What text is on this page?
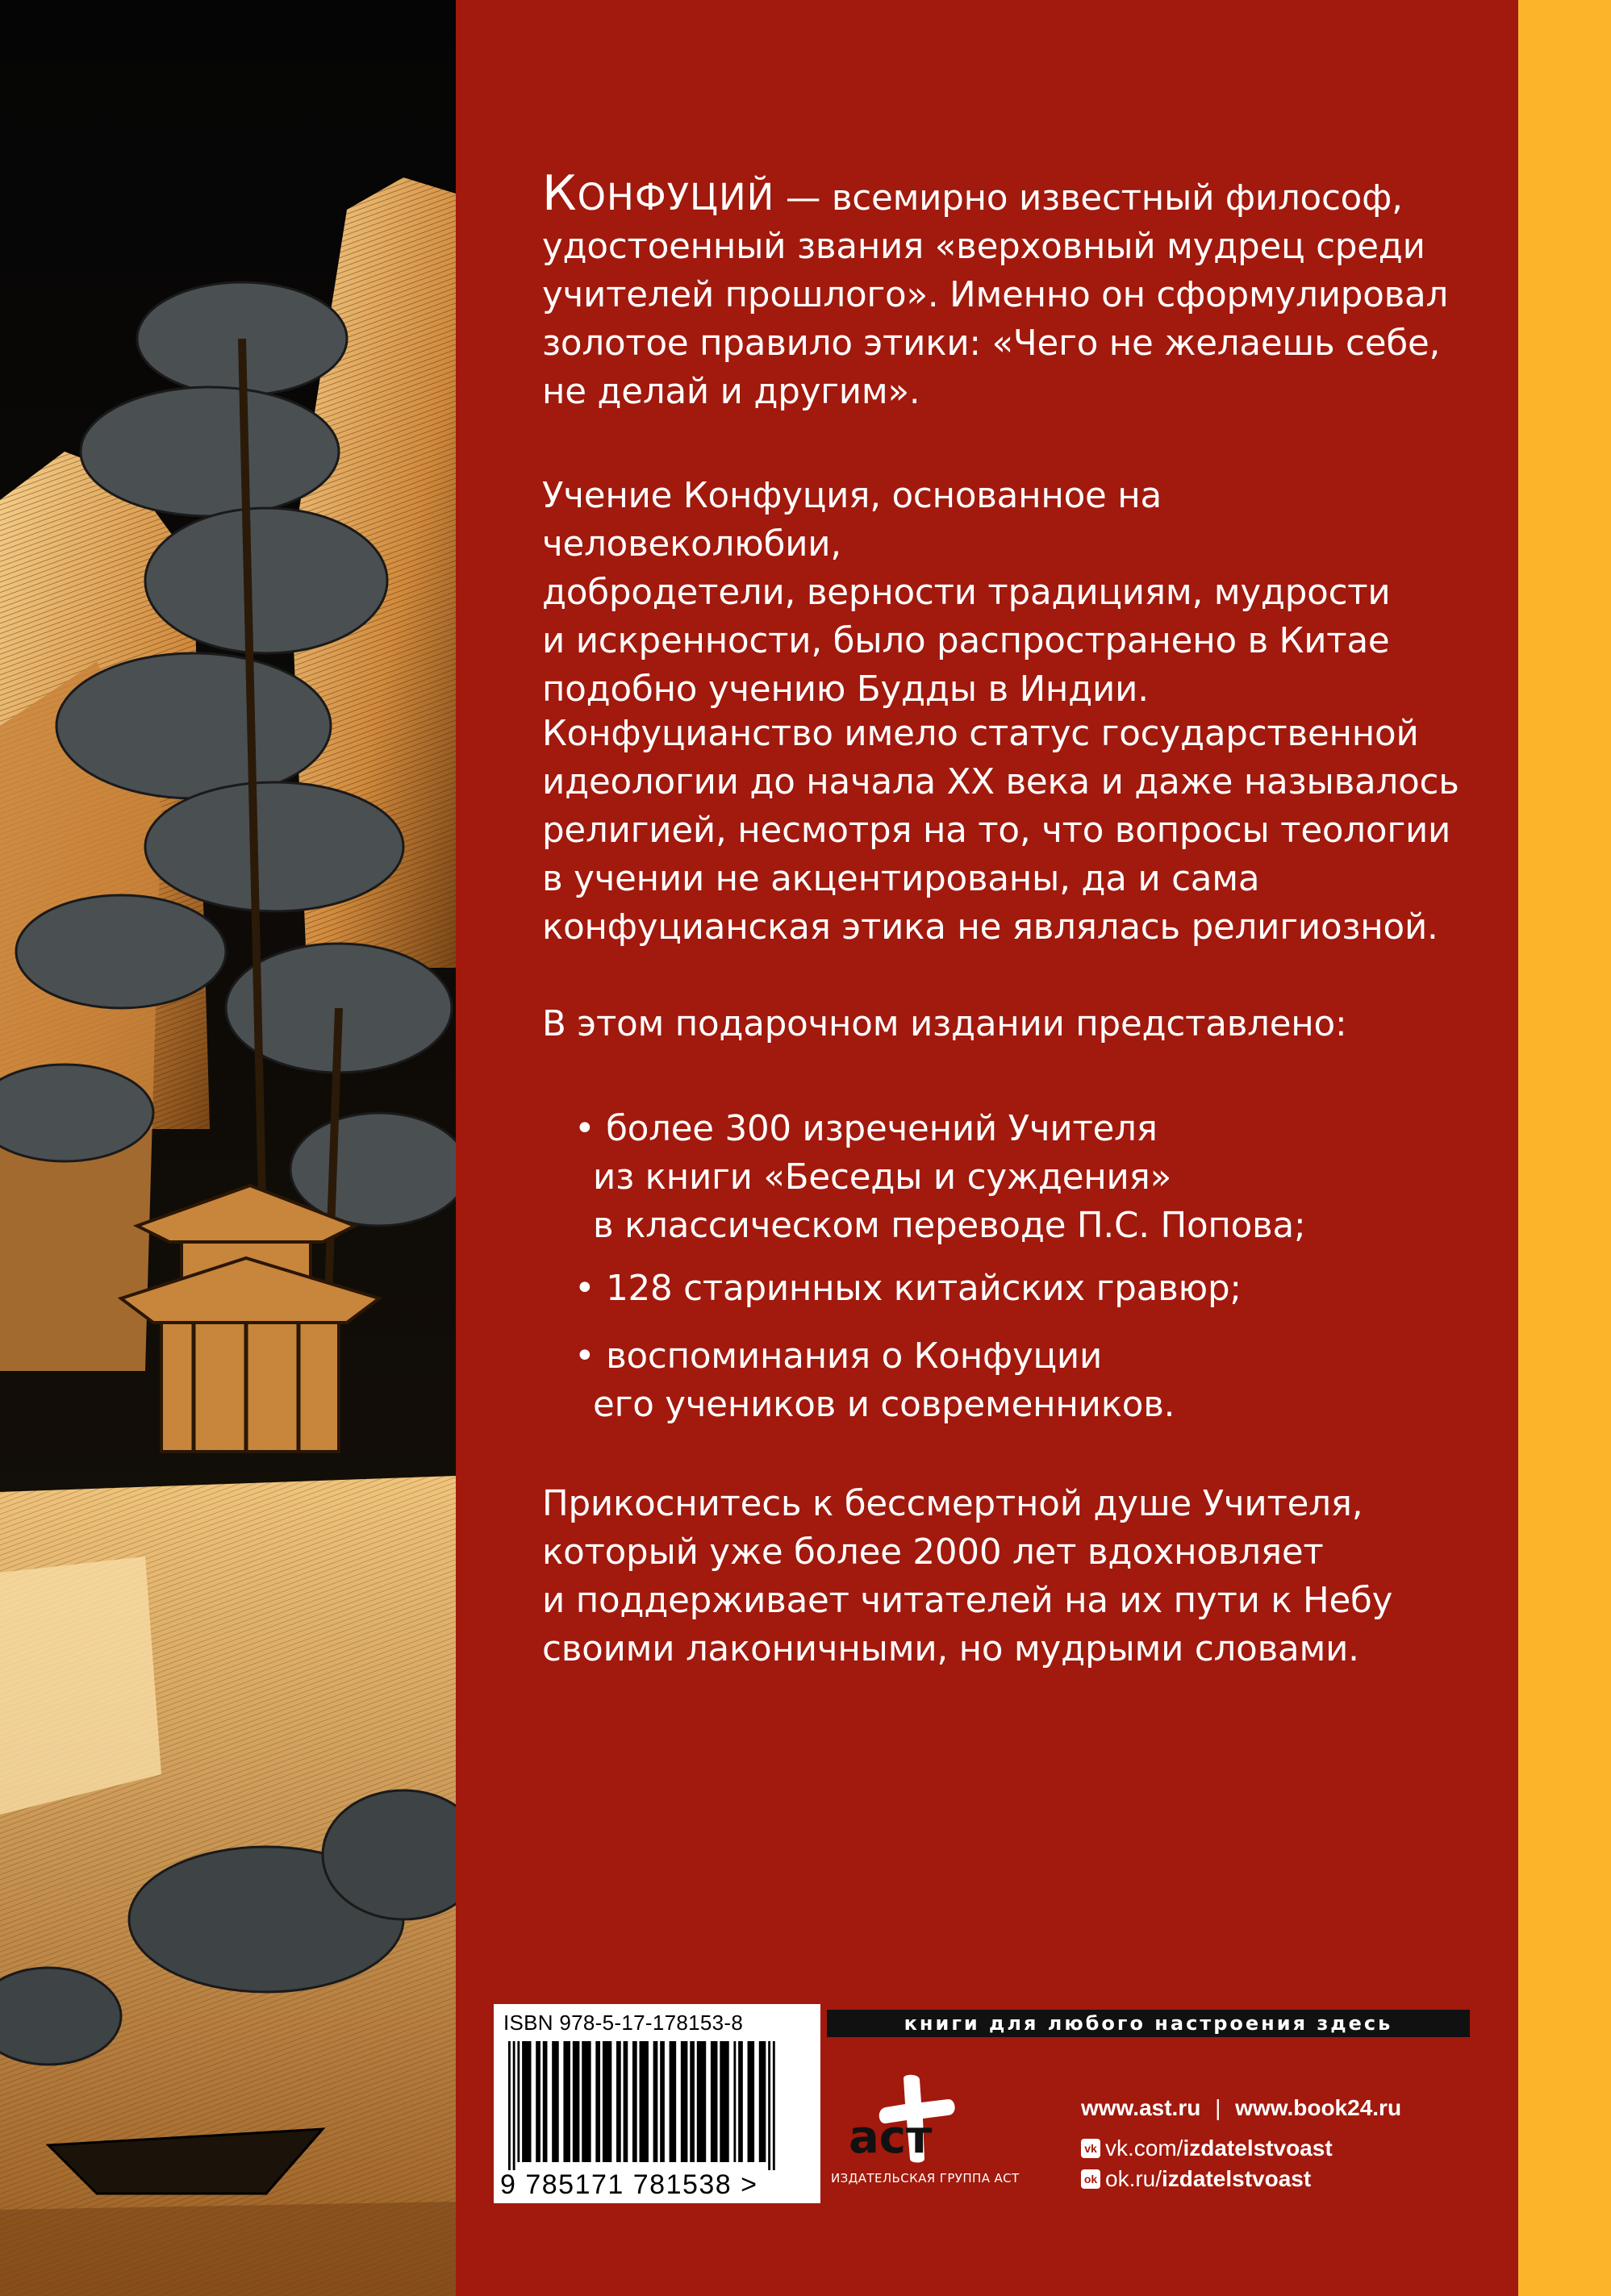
КОНФУЦИЙ — всемирно известный философ,

удостоенный звания «верховный мудрец среди

учителей прошлого». Именно он сформулировал

золотое правило этики: «Чего не желаешь себе,

не делай и другим».

Учение Конфуция, основанное на человеколюбии,

добродетели, верности традициям, мудрости

и искренности, было распространено в Китае

подобно учению Будды в Индии.

Конфуцианство имело статус государственной

идеологии до начала XX века и даже называлось

религией, несмотря на то, что вопросы теологии

в учении не акцентированы, да и сама

конфуцианская этика не являлась религиозной.

В этом подарочном издании представлено:

• более 300 изречений Учителя
из книги «Беседы и суждения»
в классическом переводе П.С. Попова;
• 128 старинных китайских гравюр;
• воспоминания о Конфуции
его учеников и современников.

Прикоснитесь к бессмертной душе Учителя,

который уже более 2000 лет вдохновляет

и поддерживает читателей на их пути к Небу

своими лаконичными, но мудрыми словами.

ISBN 978-5-17-178153-8
9 785171 781538 >
книги для любого настроения здесь
аст
ИЗДАТЕЛЬСКАЯ ГРУППА АСТ
www.ast.ru | www.book24.ru
vk vk.com/izdatelstvoast
ok ok.ru/izdatelstvoast
